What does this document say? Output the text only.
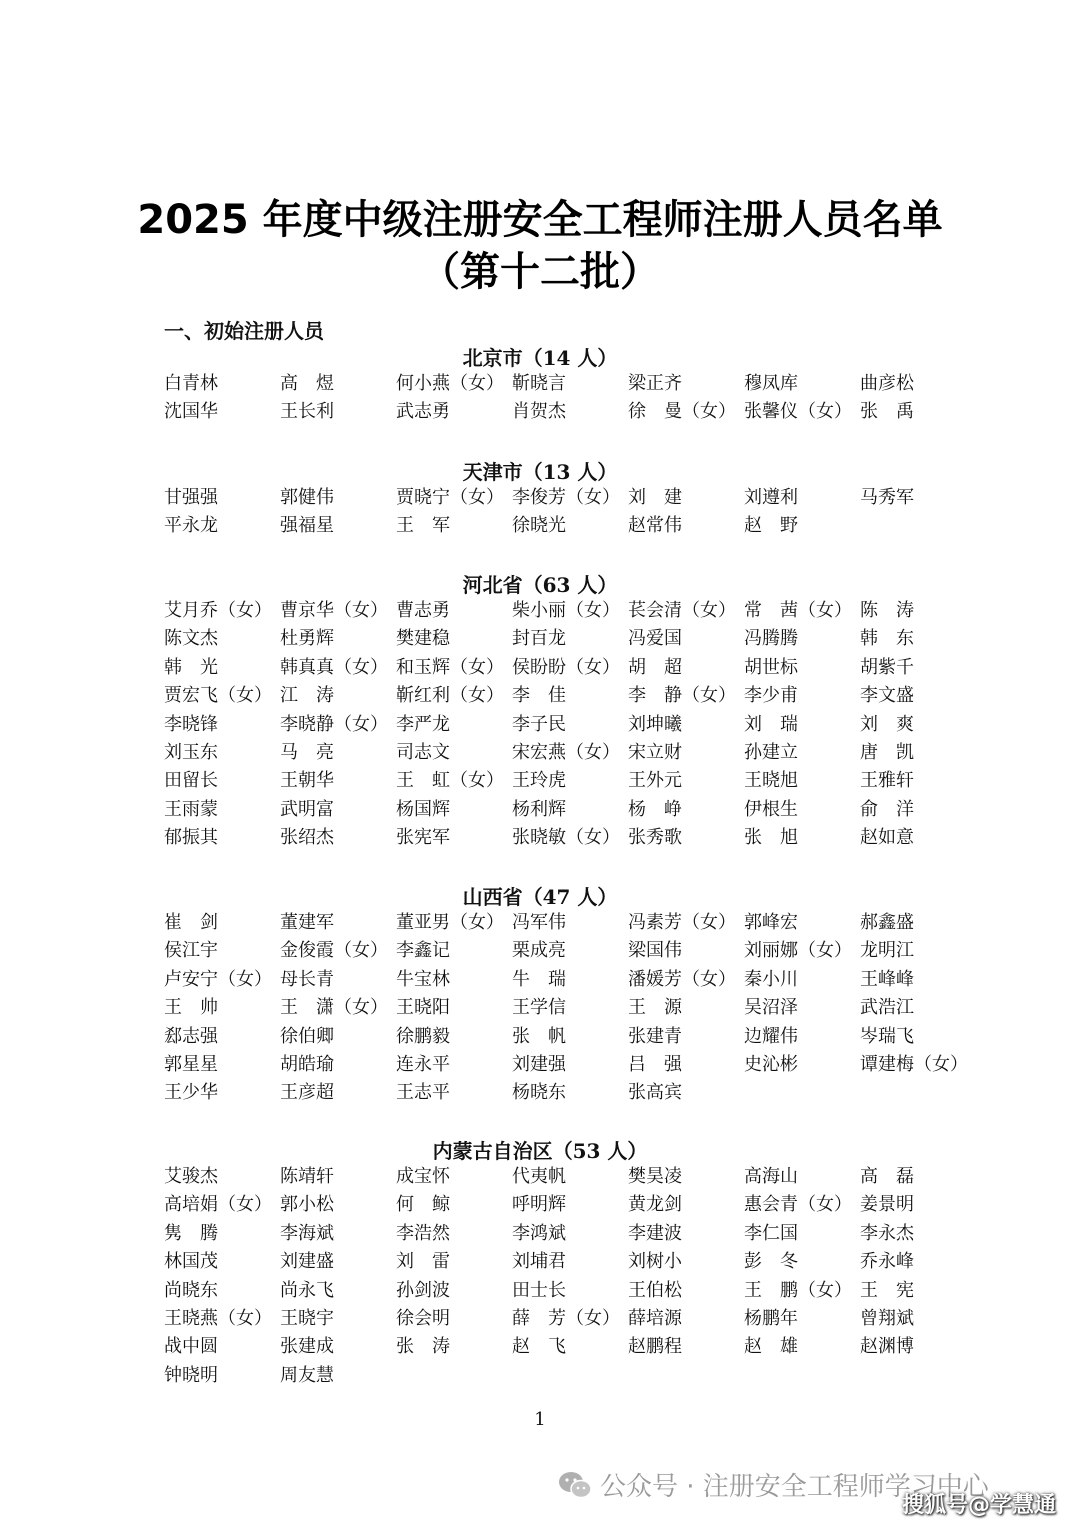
2025 年度中级注册安全工程师注册人员名单
（第十二批）
一、初始注册人员
北京市（14 人）
白青林	高　煜	何小燕（女） 靳晓言	梁正齐	穆凤库	曲彦松
沈国华	王长利	武志勇	肖贺杰	徐　曼（女） 张馨仪（女） 张　禹
天津市（13 人）
甘强强	郭健伟	贾晓宁（女） 李俊芳（女） 刘　建	刘遵利	马秀军
平永龙	强福星	王　军	徐晓光	赵常伟	赵　野
河北省（63 人）
艾月乔（女） 曹京华（女） 曹志勇	柴小丽（女） 苌会清（女） 常　茜（女） 陈　涛
陈文杰	杜勇辉	樊建稳	封百龙	冯爱国	冯腾腾	韩　东
韩　光	韩真真（女） 和玉辉（女） 侯盼盼（女） 胡　超	胡世标	胡紫千
贾宏飞（女） 江　涛	靳红利（女） 李　佳	李　静（女） 李少甫	李文盛
李晓锋	李晓静（女） 李严龙	李子民	刘坤曦	刘　瑞	刘　爽
刘玉东	马　亮	司志文	宋宏燕（女） 宋立财	孙建立	唐　凯
田留长	王朝华	王　虹（女） 王玲虎	王外元	王晓旭	王雅轩
王雨蒙	武明富	杨国辉	杨利辉	杨　峥	伊根生	俞　洋
郁振其	张绍杰	张宪军	张晓敏（女） 张秀歌	张　旭	赵如意
山西省（47 人）
崔　剑	董建军	董亚男（女） 冯军伟	冯素芳（女） 郭峰宏	郝鑫盛
侯江宇	金俊霞（女） 李鑫记	栗成亮	梁国伟	刘丽娜（女） 龙明江
卢安宁（女） 母长青	牛宝林	牛　瑞	潘媛芳（女） 秦小川	王峰峰
王　帅	王　潇（女） 王晓阳	王学信	王　源	吴沼泽	武浩江
郄志强	徐伯卿	徐鹏毅	张　帆	张建青	边耀伟	岑瑞飞
郭星星	胡皓瑜	连永平	刘建强	吕　强	史沁彬	谭建梅（女）
王少华	王彦超	王志平	杨晓东	张高宾
内蒙古自治区（53 人）
艾骏杰	陈靖轩	成宝怀	代夷帆	樊昊凌	高海山	高　磊
高培娟（女） 郭小松	何　鲸	呼明辉	黄龙剑	惠会青（女） 姜景明
隽　腾	李海斌	李浩然	李鸿斌	李建波	李仁国	李永杰
林国茂	刘建盛	刘　雷	刘埔君	刘树小	彭　冬	乔永峰
尚晓东	尚永飞	孙剑波	田士长	王伯松	王　鹏（女） 王　宪
王晓燕（女） 王晓宇	徐会明	薛　芳（女） 薛培源	杨鹏年	曾翔斌
战中圆	张建成	张　涛	赵　飞	赵鹏程	赵　雄	赵渊博
钟晓明	周友慧
1
公众号 · 注册安全工程师学习中心
搜狐号@学慧通
